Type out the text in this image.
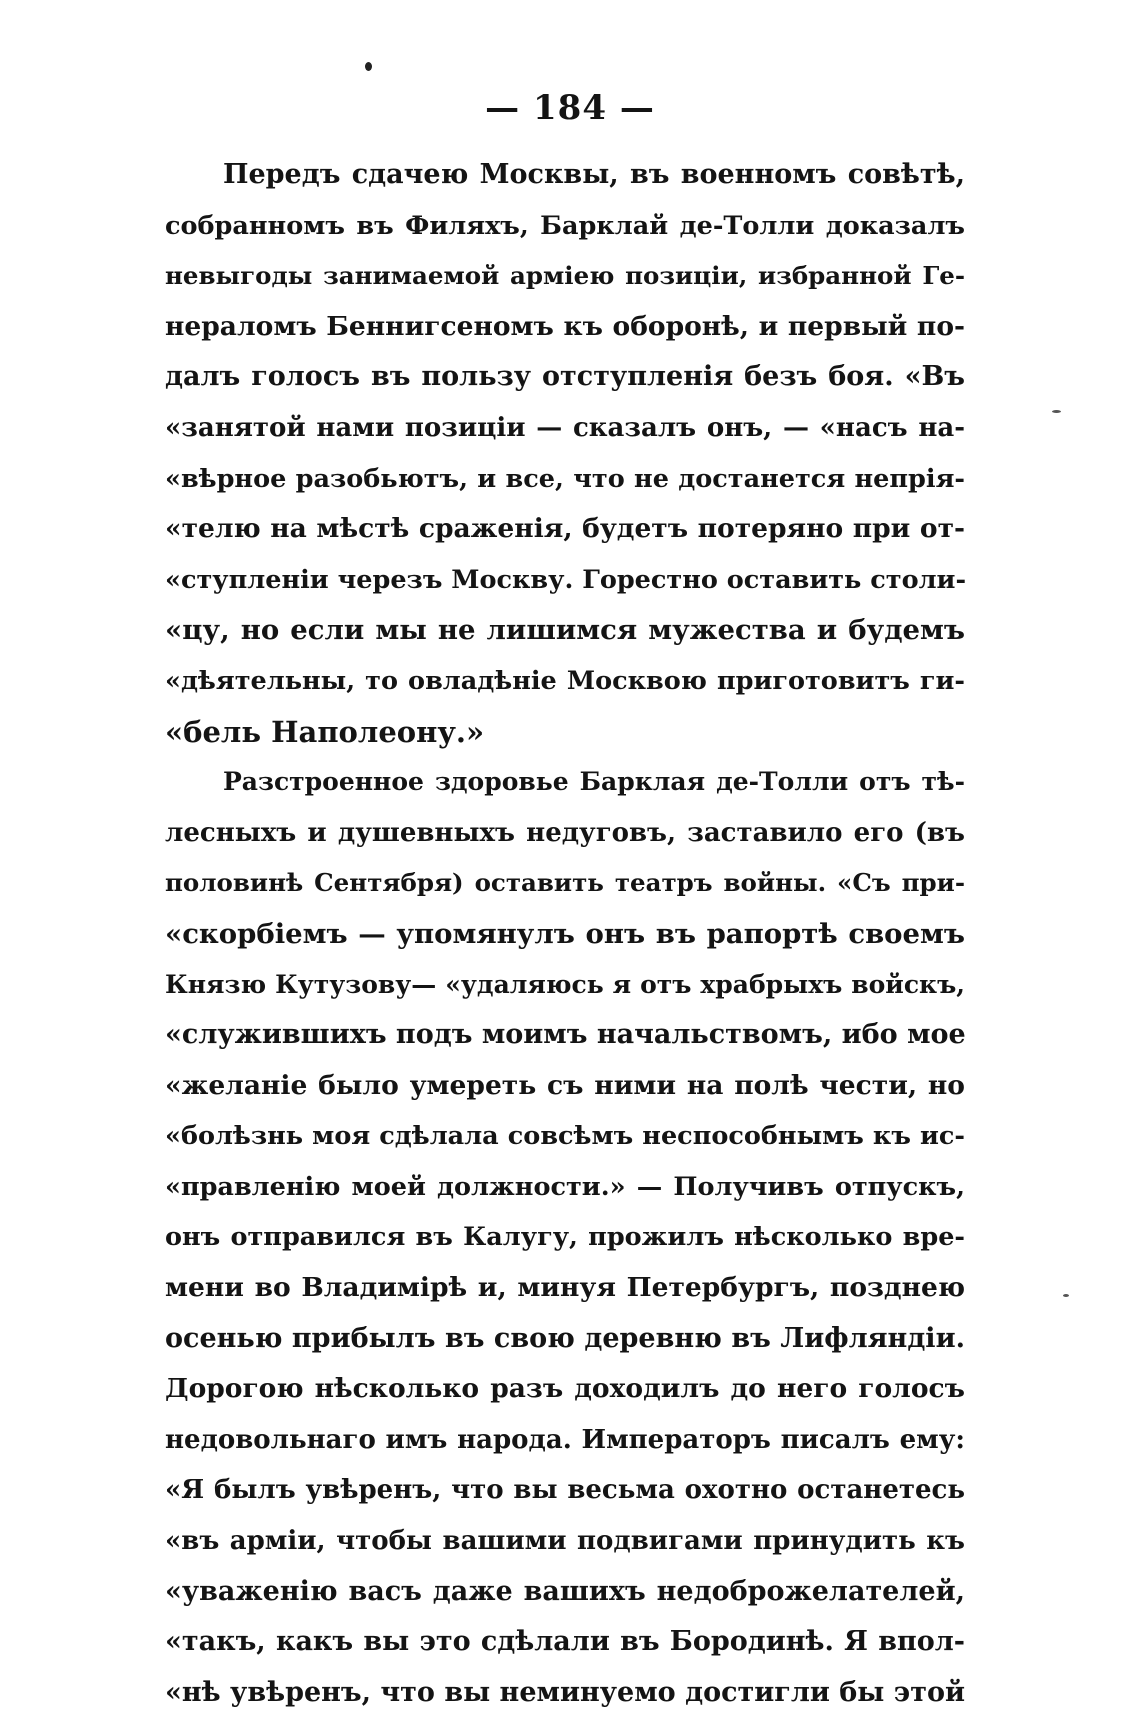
— 184 —
Передъ сдачею Москвы, въ военномъ совѣтѣ,
собранномъ въ Филяхъ, Барклай де-Толли доказалъ
невыгоды занимаемой арміею позиціи, избранной Ге-
нераломъ Беннигсеномъ къ оборонѣ, и первый по-
далъ голосъ въ пользу отступленія безъ боя. «Въ
«занятой нами позиціи — сказалъ онъ, — «насъ на-
«вѣрное разобьютъ, и все, что не достанется непрія-
«телю на мѣстѣ сраженія, будетъ потеряно при от-
«ступленіи черезъ Москву. Горестно оставить столи-
«цу, но если мы не лишимся мужества и будемъ
«дѣятельны, то овладѣніе Москвою приготовитъ ги-
«бель Наполеону.»
Разстроенное здоровье Барклая де-Толли отъ тѣ-
лесныхъ и душевныхъ недуговъ, заставило его (въ
половинѣ Сентября) оставить театръ войны. «Съ при-
«скорбіемъ — упомянулъ онъ въ рапортѣ своемъ
Князю Кутузову— «удаляюсь я отъ храбрыхъ войскъ,
«служившихъ подъ моимъ начальствомъ, ибо мое
«желаніе было умереть съ ними на полѣ чести, но
«болѣзнь моя сдѣлала совсѣмъ неспособнымъ къ ис-
«правленію моей должности.» — Получивъ отпускъ,
онъ отправился въ Калугу, прожилъ нѣсколько вре-
мени во Владимірѣ и, минуя Петербургъ, позднею
осенью прибылъ въ свою деревню въ Лифляндіи.
Дорогою нѣсколько разъ доходилъ до него голосъ
недовольнаго имъ народа. Императоръ писалъ ему:
«Я былъ увѣренъ, что вы весьма охотно останетесь
«въ арміи, чтобы вашими подвигами принудить къ
«уваженію васъ даже вашихъ недоброжелателей,
«такъ, какъ вы это сдѣлали въ Бородинѣ. Я впол-
«нѣ увѣренъ, что вы неминуемо достигли бы этой
